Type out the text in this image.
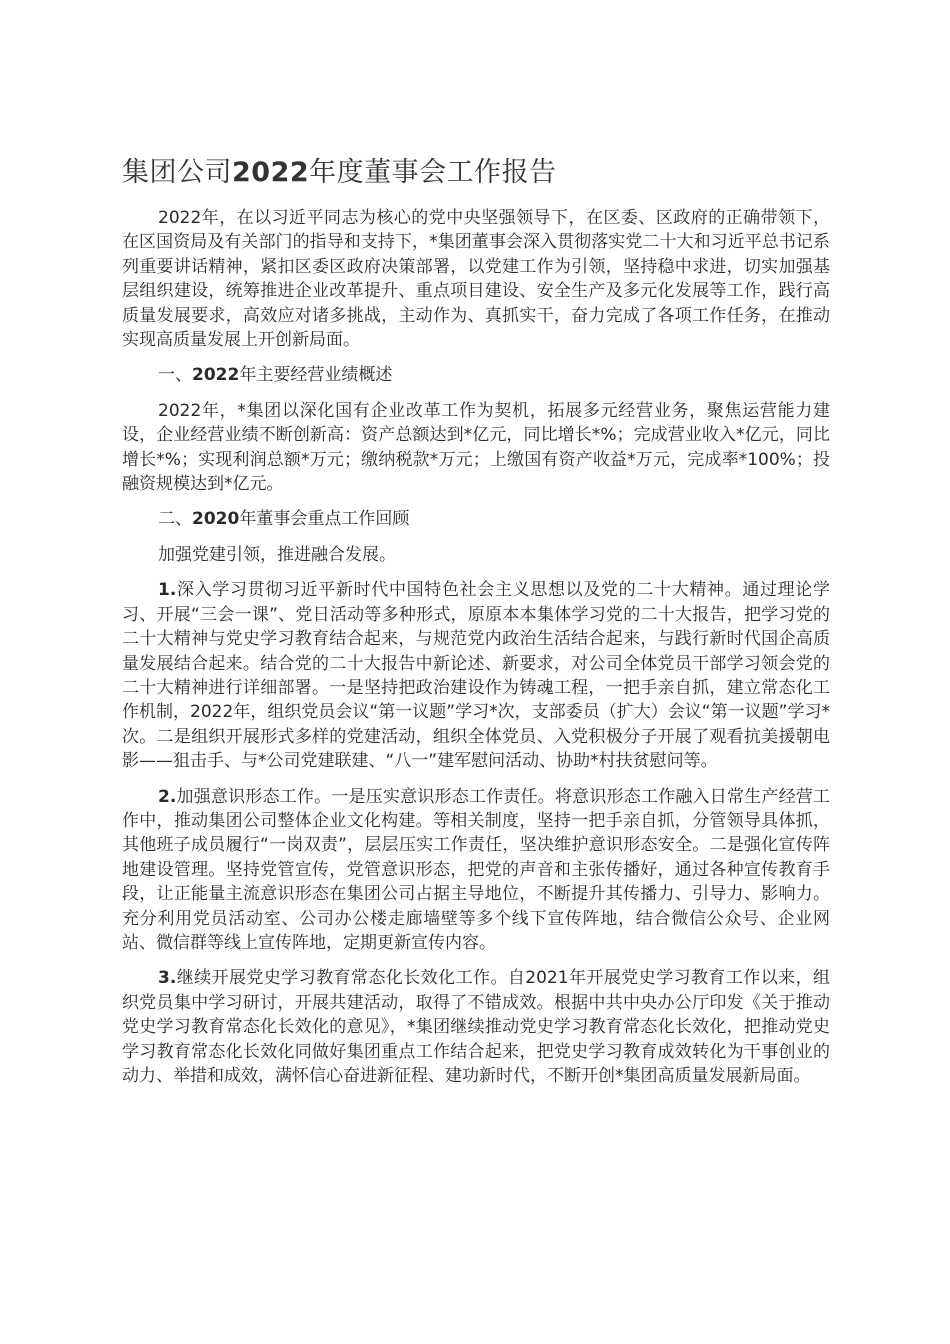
集团公司2022年度董事会工作报告

2022年，在以习近平同志为核心的党中央坚强领导下，在区委、区政府的正确带领下，在区国资局及有关部门的指导和支持下，*集团董事会深入贯彻落实党二十大和习近平总书记系列重要讲话精神，紧扣区委区政府决策部署，以党建工作为引领，坚持稳中求进，切实加强基层组织建设，统筹推进企业改革提升、重点项目建设、安全生产及多元化发展等工作，践行高质量发展要求，高效应对诸多挑战，主动作为、真抓实干，奋力完成了各项工作任务，在推动实现高质量发展上开创新局面。

一、2022年主要经营业绩概述

2022年，*集团以深化国有企业改革工作为契机，拓展多元经营业务，聚焦运营能力建设，企业经营业绩不断创新高：资产总额达到*亿元，同比增长*%；完成营业收入*亿元，同比增长*%；实现利润总额*万元；缴纳税款*万元；上缴国有资产收益*万元，完成率*100%；投融资规模达到*亿元。

二、2020年董事会重点工作回顾

加强党建引领，推进融合发展。

1.深入学习贯彻习近平新时代中国特色社会主义思想以及党的二十大精神。通过理论学习、开展“三会一课”、党日活动等多种形式，原原本本集体学习党的二十大报告，把学习党的二十大精神与党史学习教育结合起来，与规范党内政治生活结合起来，与践行新时代国企高质量发展结合起来。结合党的二十大报告中新论述、新要求，对公司全体党员干部学习领会党的二十大精神进行详细部署。一是坚持把政治建设作为铸魂工程，一把手亲自抓，建立常态化工作机制，2022年，组织党员会议“第一议题”学习*次，支部委员（扩大）会议“第一议题”学习*次。二是组织开展形式多样的党建活动，组织全体党员、入党积极分子开展了观看抗美援朝电影——狙击手、与*公司党建联建、“八一”建军慰问活动、协助*村扶贫慰问等。

2.加强意识形态工作。一是压实意识形态工作责任。将意识形态工作融入日常生产经营工作中，推动集团公司整体企业文化构建。等相关制度，坚持一把手亲自抓，分管领导具体抓，其他班子成员履行“一岗双责”，层层压实工作责任，坚决维护意识形态安全。二是强化宣传阵地建设管理。坚持党管宣传，党管意识形态，把党的声音和主张传播好，通过各种宣传教育手段，让正能量主流意识形态在集团公司占据主导地位，不断提升其传播力、引导力、影响力。充分利用党员活动室、公司办公楼走廊墙壁等多个线下宣传阵地，结合微信公众号、企业网站、微信群等线上宣传阵地，定期更新宣传内容。

3.继续开展党史学习教育常态化长效化工作。自2021年开展党史学习教育工作以来，组织党员集中学习研讨，开展共建活动，取得了不错成效。根据中共中央办公厅印发《关于推动党史学习教育常态化长效化的意见》，*集团继续推动党史学习教育常态化长效化，把推动党史学习教育常态化长效化同做好集团重点工作结合起来，把党史学习教育成效转化为干事创业的动力、举措和成效，满怀信心奋进新征程、建功新时代，不断开创*集团高质量发展新局面。
